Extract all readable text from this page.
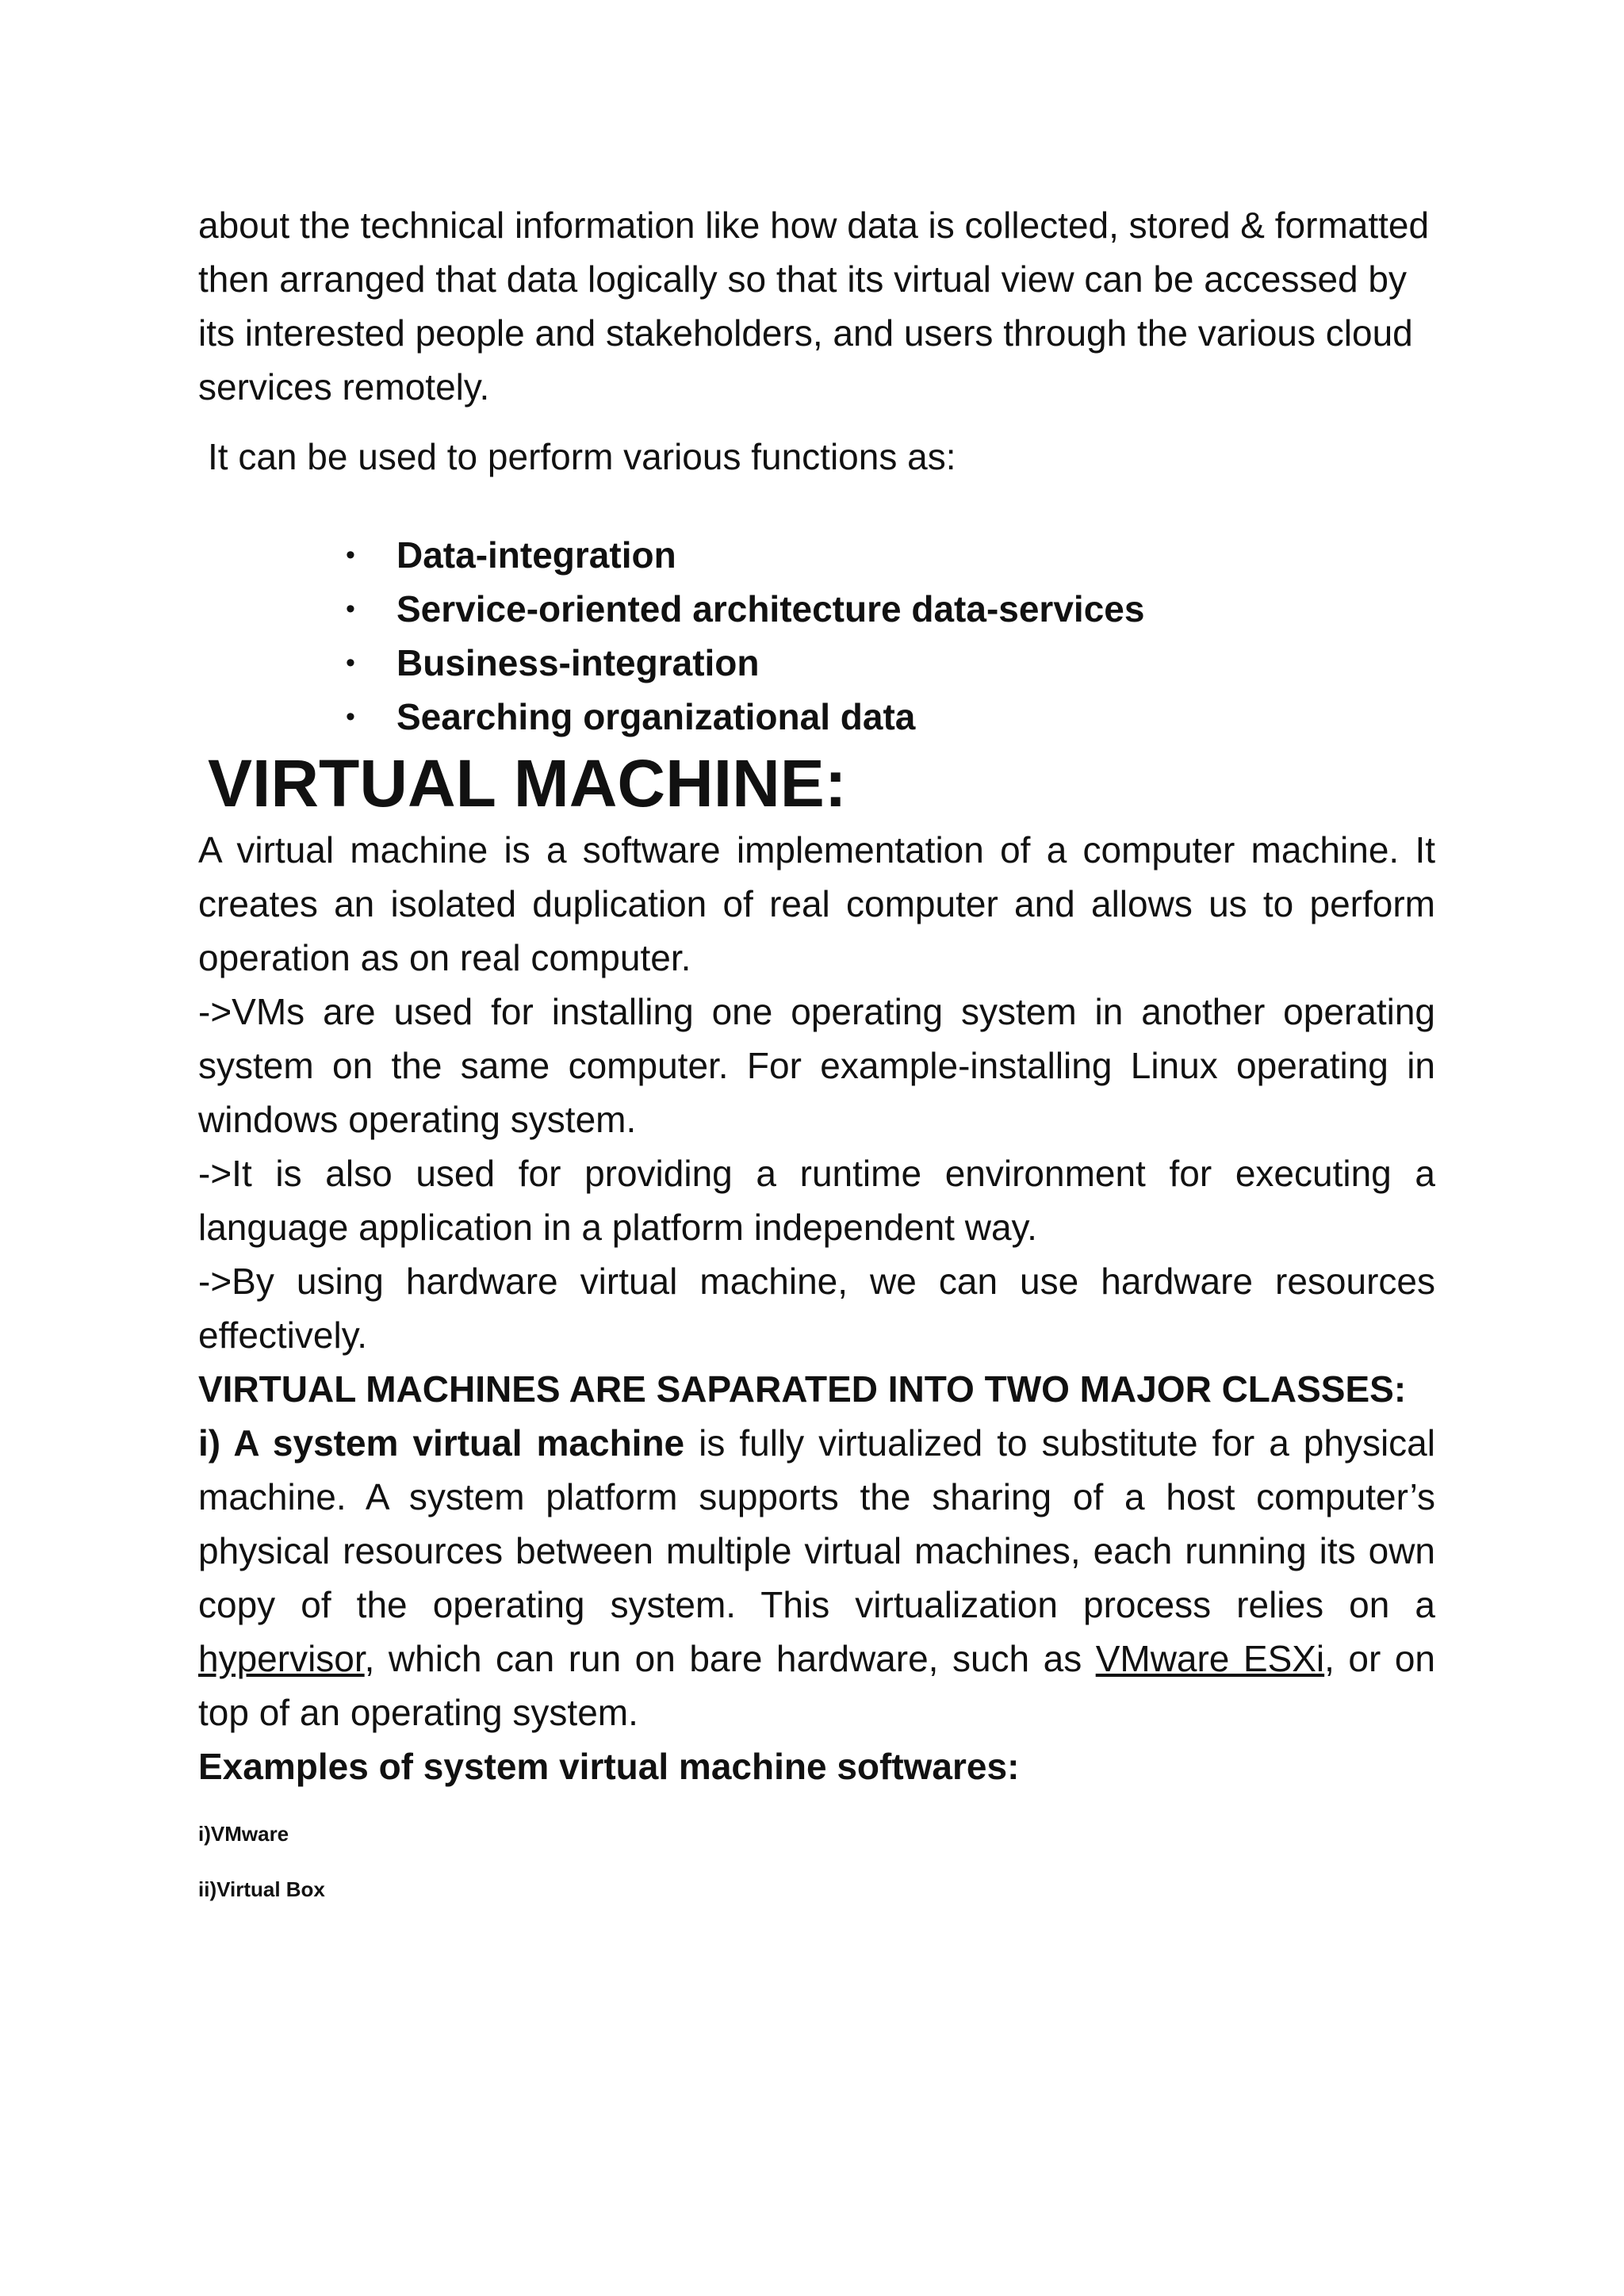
about the technical information like how data is collected, stored & formatted then arranged that data logically so that its virtual view can be accessed by its interested people and stakeholders, and users through the various cloud services remotely.

It can be used to perform various functions as:

• Data-integration
• Service-oriented architecture data-services
• Business-integration
• Searching organizational data
VIRTUAL MACHINE:

A virtual machine is a software implementation of a computer machine. It creates an isolated duplication of real computer and allows us to perform operation as on real computer.

->VMs are used for installing one operating system in another operating system on the same computer. For example-installing Linux operating in windows operating system.

->It is also used for providing a runtime environment for executing a language application in a platform independent way.

->By using hardware virtual machine, we can use hardware resources effectively.

VIRTUAL MACHINES ARE SAPARATED INTO TWO MAJOR CLASSES:

i) A system virtual machine is fully virtualized to substitute for a physical machine. A system platform supports the sharing of a host computer’s physical resources between multiple virtual machines, each running its own copy of the operating system. This virtualization process relies on a hypervisor, which can run on bare hardware, such as VMware ESXi, or on top of an operating system.

Examples of system virtual machine softwares:

i)VMware

ii)Virtual Box
